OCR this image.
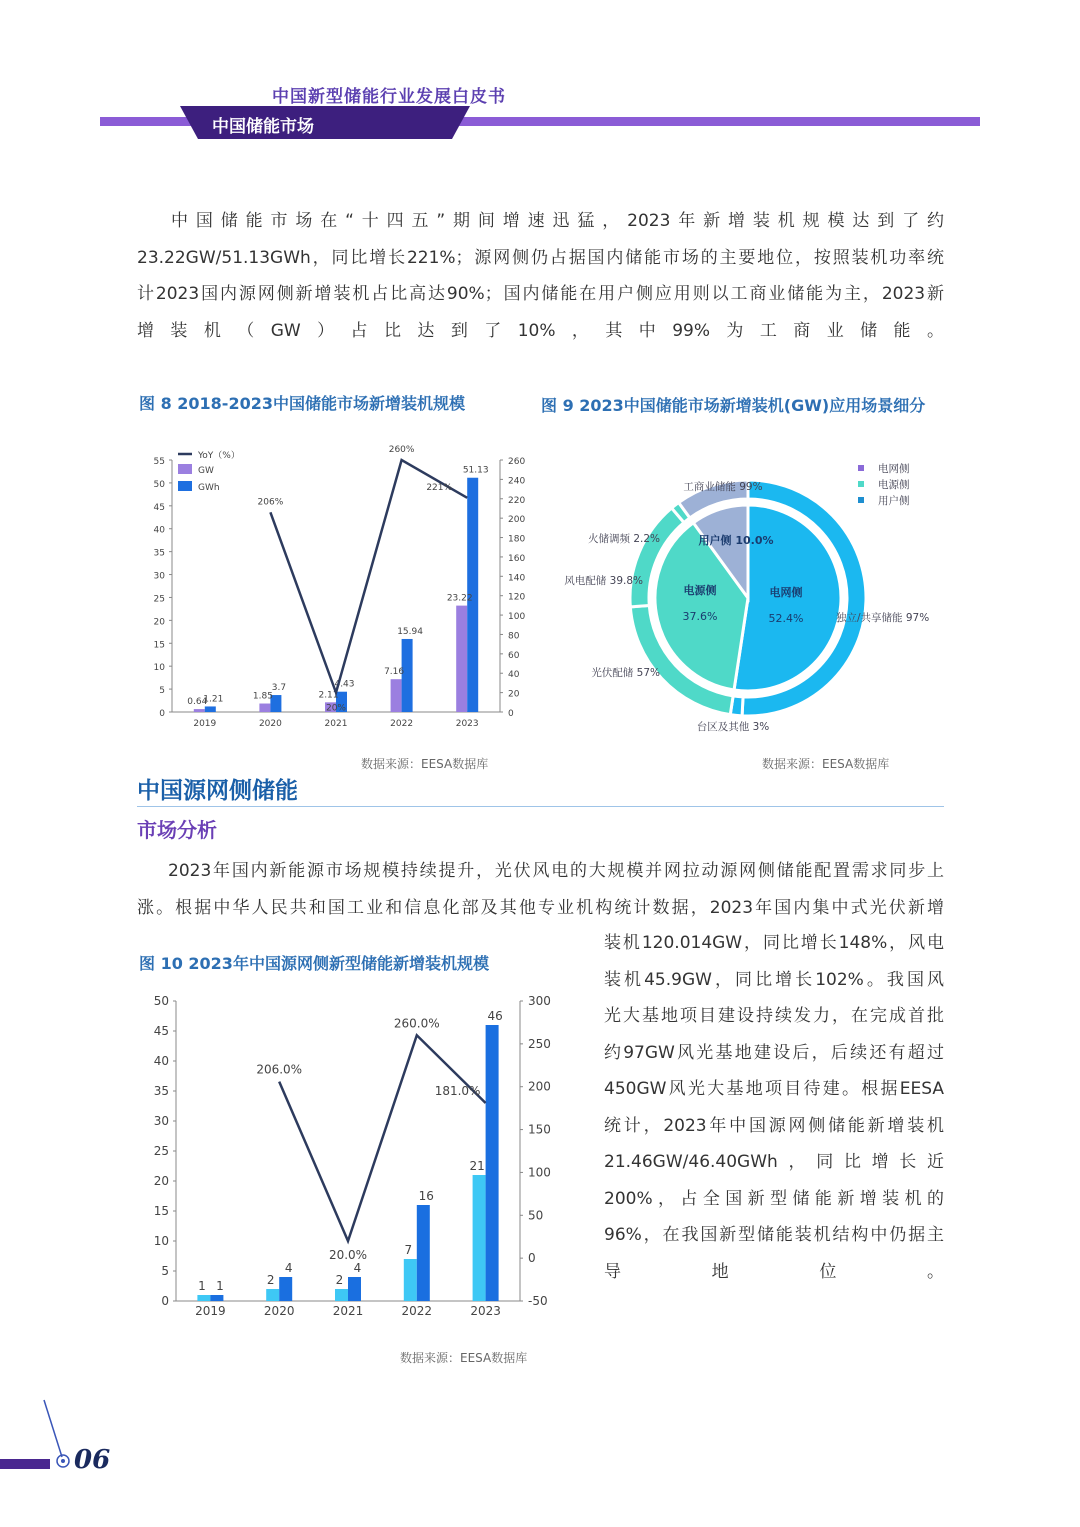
中国新型储能行业发展白皮书
中国储能市场
中国储能市场在“十四五”期间增速迅猛，2023年新增装机规模达到了约
23.22GW/51.13GWh，同比增长221%；源网侧仍占据国内储能市场的主要地位，按照装机功率统
计2023国内源网侧新增装机占比高达90%；国内储能在用户侧应用则以工商业储能为主，2023新
增装机（GW）占比达到了10%，其中99%为工商业储能。
图 8 2018-2023中国储能市场新增装机规模	图 9 2023中国储能市场新增装机(GW)应用场景细分
0
5
10
15
20
25
30
35
40
45
50
55
0
20
40
60
80
100
120
140
160
180
200
220
240
260
2019
0.64
1.21
2020
1.85
3.7
2021
2.11
4.43
2022
7.16
15.94
2023
23.22
51.13
206%
20%
260%
221%
YoY（%）
GW
GWh
数据来源：EESA数据库
电网侧
52.4%
电源侧
37.6%
用户侧 10.0%
独立/共享储能 97%
台区及其他 3%
光伏配储 57%
风电配储 39.8%
火储调频 2.2%
工商业储能 99%
电网侧
电源侧
用户侧
数据来源：EESA数据库
中国源网侧储能
市场分析
2023年国内新能源市场规模持续提升，光伏风电的大规模并网拉动源网侧储能配置需求同步上
涨。根据中华人民共和国工业和信息化部及其他专业机构统计数据，2023年国内集中式光伏新增
装机120.014GW，同比增长148%，风电
装机45.9GW，同比增长102%。我国风
光大基地项目建设持续发力，在完成首批
约97GW风光基地建设后，后续还有超过
450GW风光大基地项目待建。根据EESA
统计，2023年中国源网侧储能新增装机
21.46GW/46.40GWh，同比增长近
200%，占全国新型储能新增装机的
96%，在我国新型储能装机结构中仍据主
导地位。
图 10 2023年中国源网侧新型储能新增装机规模
0
5
10
15
20
25
30
35
40
45
50
-50
0
50
100
150
200
250
300
2019
1 1
2020
2
4
2021
2
4
2022
7
16
2023
21
46
206.0%
20.0%
260.0%
181.0%
数据来源：EESA数据库
06
